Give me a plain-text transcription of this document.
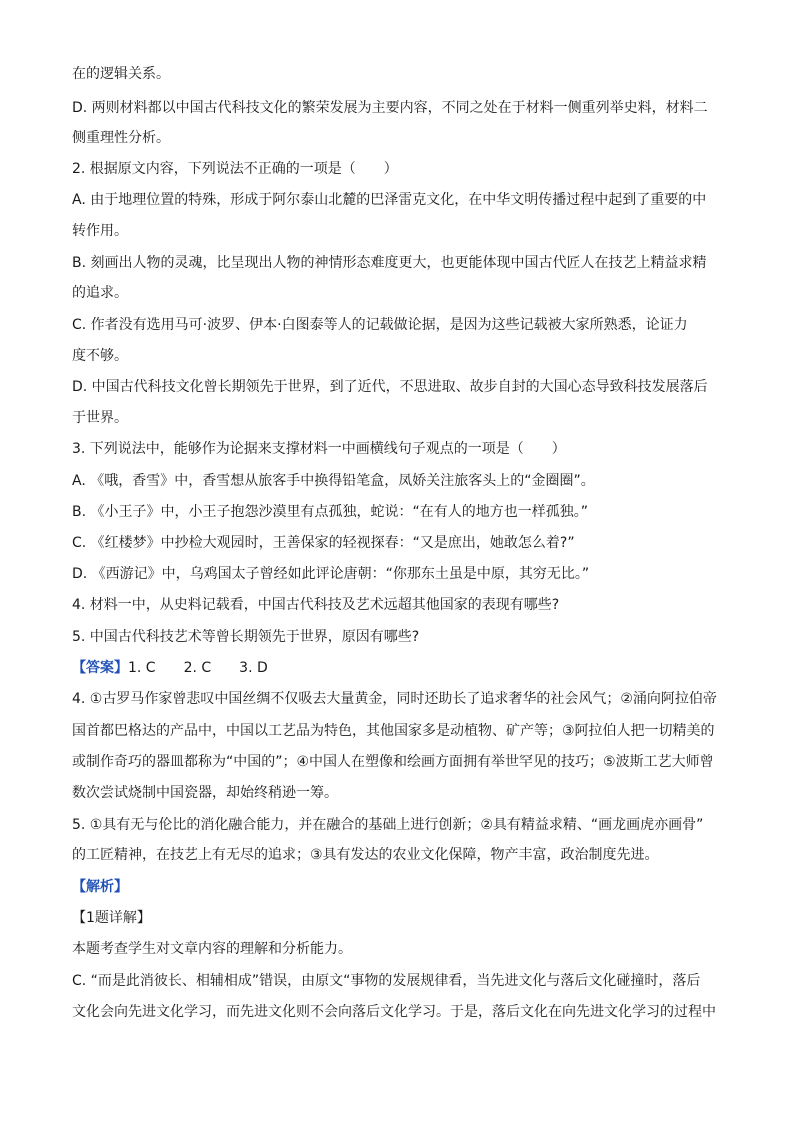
在的逻辑关系。
D. 两则材料都以中国古代科技文化的繁荣发展为主要内容，不同之处在于材料一侧重列举史料，材料二
侧重理性分析。
2. 根据原文内容，下列说法不正确的一项是（　　）
A. 由于地理位置的特殊，形成于阿尔泰山北麓的巴泽雷克文化，在中华文明传播过程中起到了重要的中
转作用。
B. 刻画出人物的灵魂，比呈现出人物的神情形态难度更大，也更能体现中国古代匠人在技艺上精益求精
的追求。
C. 作者没有选用马可·波罗、伊本·白图泰等人的记载做论据，是因为这些记载被大家所熟悉，论证力
度不够。
D. 中国古代科技文化曾长期领先于世界，到了近代，不思进取、故步自封的大国心态导致科技发展落后
于世界。
3. 下列说法中，能够作为论据来支撑材料一中画横线句子观点的一项是（　　）
A. 《哦，香雪》中，香雪想从旅客手中换得铅笔盒，凤娇关注旅客头上的“金圈圈”。
B. 《小王子》中，小王子抱怨沙漠里有点孤独，蛇说：“在有人的地方也一样孤独。”
C. 《红楼梦》中抄检大观园时，王善保家的轻视探春：“又是庶出，她敢怎么着?”
D. 《西游记》中，乌鸡国太子曾经如此评论唐朝：“你那东土虽是中原，其穷无比。”
4. 材料一中，从史料记载看，中国古代科技及艺术远超其他国家的表现有哪些?
5. 中国古代科技艺术等曾长期领先于世界，原因有哪些?
【答案】1. C　　2. C　　3. D
4. ①古罗马作家曾悲叹中国丝绸不仅吸去大量黄金，同时还助长了追求奢华的社会风气；②涌向阿拉伯帝
国首都巴格达的产品中，中国以工艺品为特色，其他国家多是动植物、矿产等；③阿拉伯人把一切精美的
或制作奇巧的器皿都称为“中国的”；④中国人在塑像和绘画方面拥有举世罕见的技巧；⑤波斯工艺大师曾
数次尝试烧制中国瓷器，却始终稍逊一筹。
5. ①具有无与伦比的消化融合能力，并在融合的基础上进行创新；②具有精益求精、“画龙画虎亦画骨”
的工匠精神，在技艺上有无尽的追求；③具有发达的农业文化保障，物产丰富，政治制度先进。
【解析】
【1题详解】
本题考查学生对文章内容的理解和分析能力。
C. “而是此消彼长、相辅相成”错误，由原文“事物的发展规律看，当先进文化与落后文化碰撞时，落后
文化会向先进文化学习，而先进文化则不会向落后文化学习。于是，落后文化在向先进文化学习的过程中
